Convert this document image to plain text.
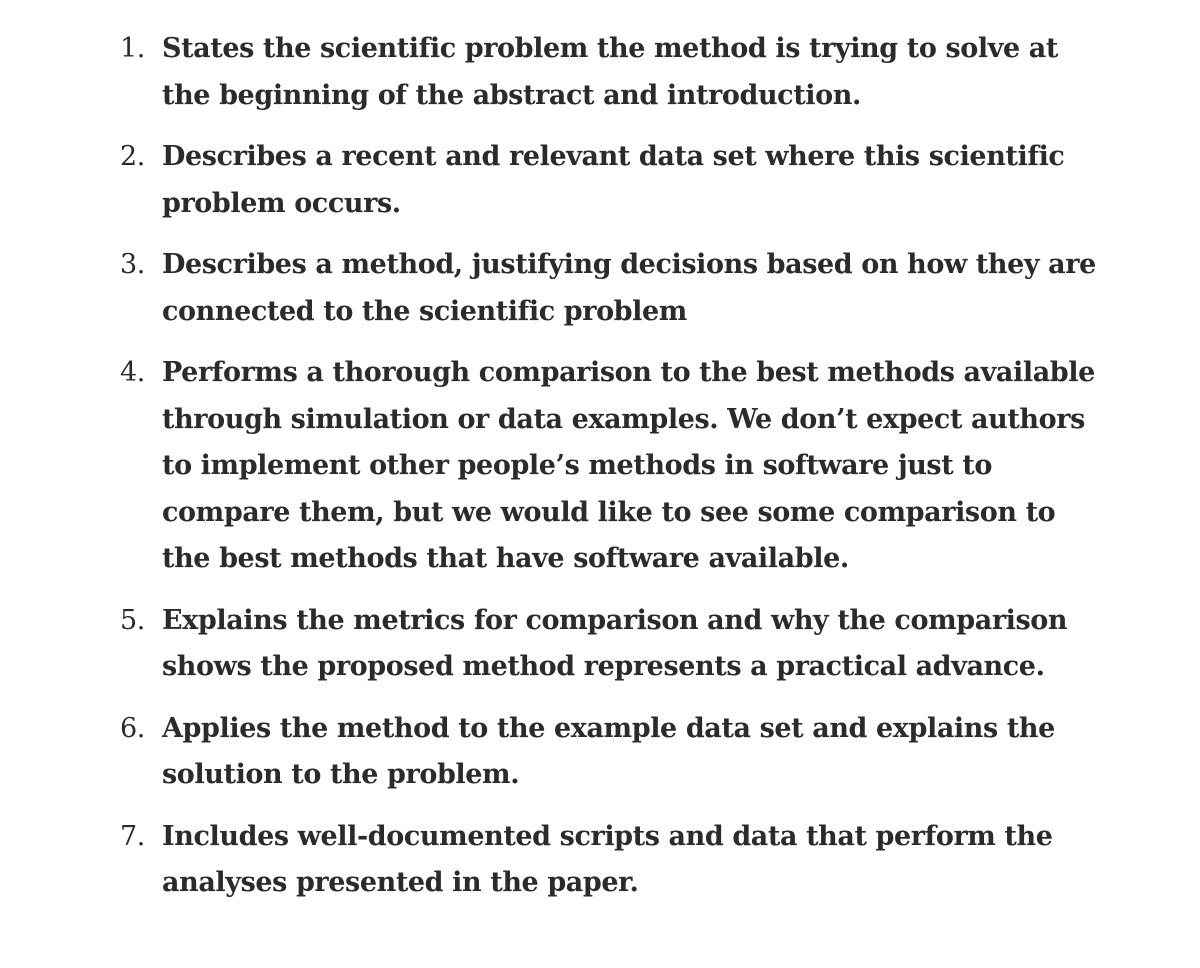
1. States the scientific problem the method is trying to solve at the beginning of the abstract and introduction.
2. Describes a recent and relevant data set where this scientific problem occurs.
3. Describes a method, justifying decisions based on how they are connected to the scientific problem
4. Performs a thorough comparison to the best methods available through simulation or data examples. We don’t expect authors to implement other people’s methods in software just to compare them, but we would like to see some comparison to the best methods that have software available.
5. Explains the metrics for comparison and why the comparison shows the proposed method represents a practical advance.
6. Applies the method to the example data set and explains the solution to the problem.
7. Includes well-documented scripts and data that perform the analyses presented in the paper.
